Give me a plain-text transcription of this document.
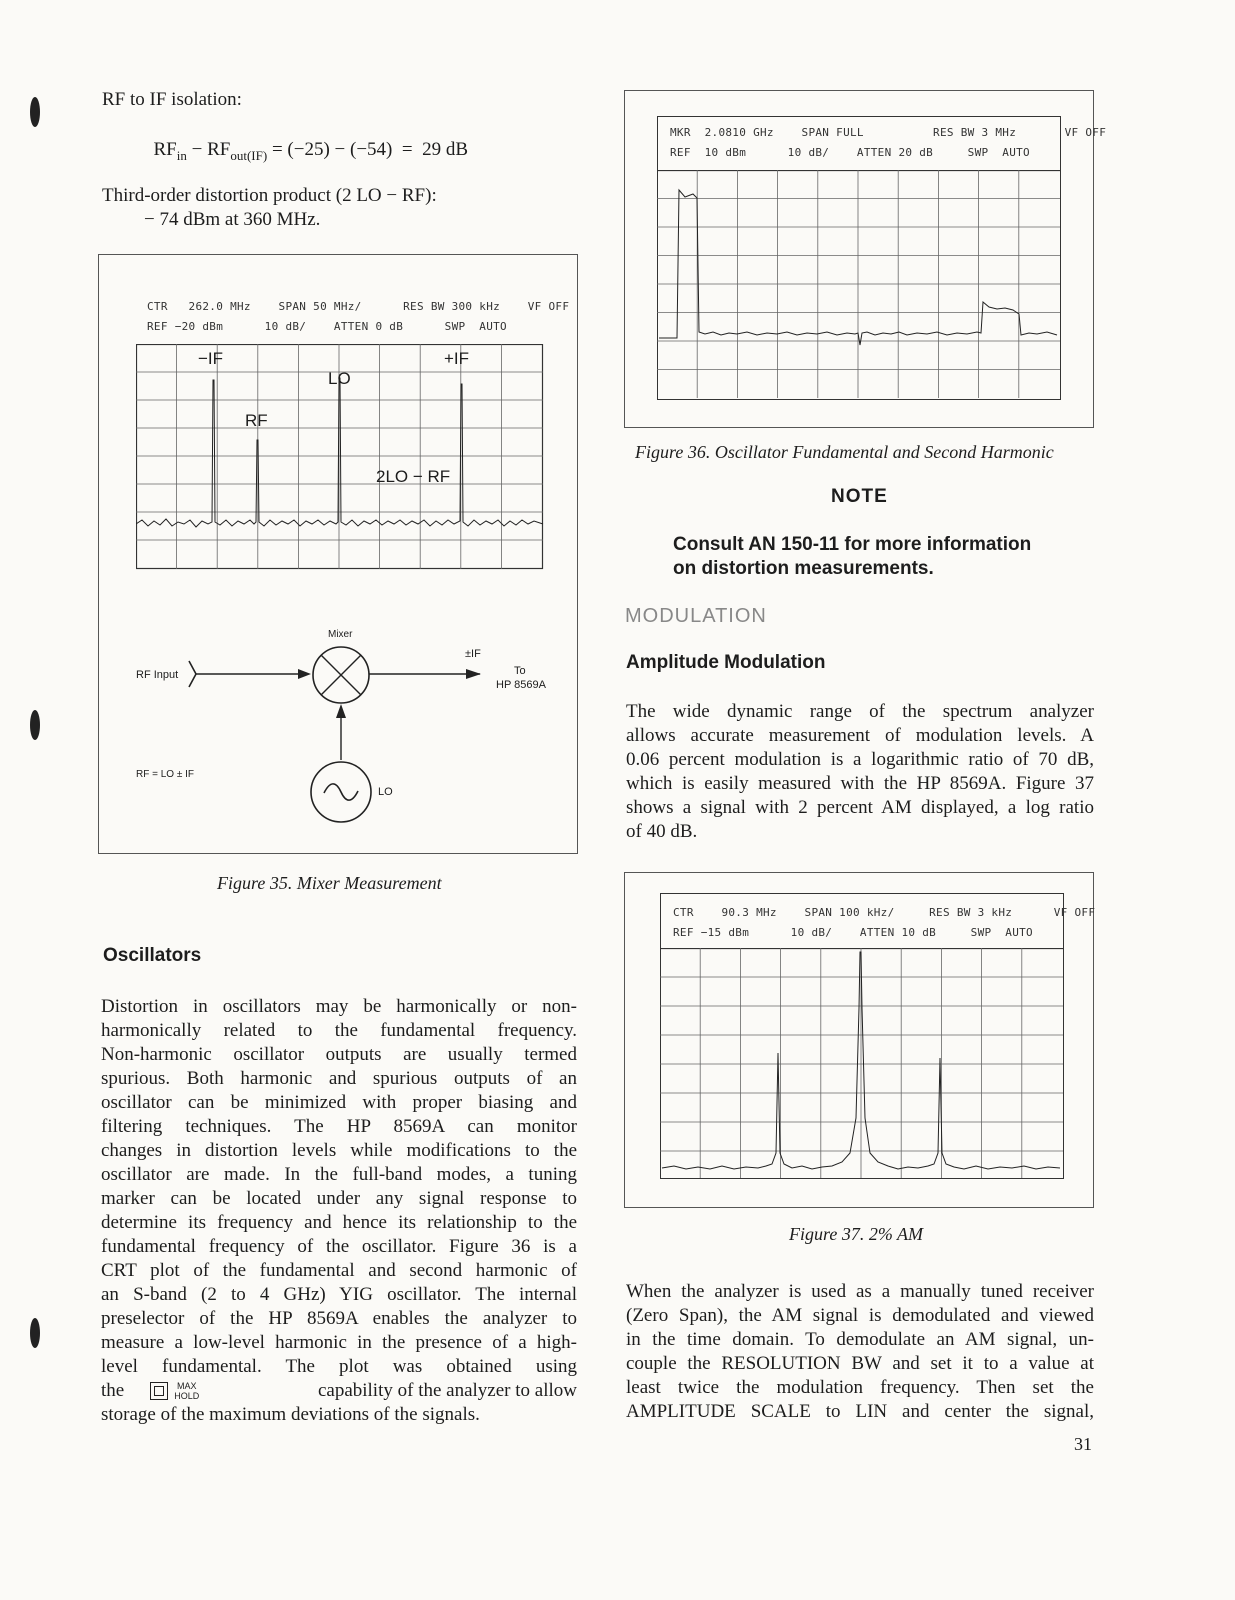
RF to IF isolation:

$RF_{in} - RF_{out(IF)} = (-25) - (-54) = 29$ dB

Third-order distortion product (2 LO − RF):
− 74 dBm at 360 MHz.
CTR   262.0 MHz    SPAN 50 MHz/      RES BW 300 kHz    VF OFF
REF −20 dBm      10 dB/    ATTEN 0 dB      SWP  AUTO
−IF	+IF
LO
RF
2LO − RF
Mixer
RF Input
±IF
To
HP 8569A
RF = LO ± IF
LO
Figure 35. Mixer Measurement
Oscillators

Distortion in oscillators may be harmonically or non-

harmonically related to the fundamental frequency.

Non-harmonic oscillator outputs are usually termed

spurious. Both harmonic and spurious outputs of an

oscillator can be minimized with proper biasing and

filtering techniques. The HP 8569A can monitor

changes in distortion levels while modifications to the

oscillator are made. In the full-band modes, a tuning

marker can be located under any signal response to

determine its frequency and hence its relationship to the

fundamental frequency of the oscillator. Figure 36 is a

CRT plot of the fundamental and second harmonic of

an S-band (2 to 4 GHz) YIG oscillator. The internal

preselector of the HP 8569A enables the analyzer to

measure a low-level harmonic in the presence of a high-

level fundamental. The plot was obtained using

the	MAX
HOLD	capability of the analyzer to allow

storage of the maximum deviations of the signals.

MKR  2.0810 GHz    SPAN FULL          RES BW 3 MHz       VF OFF
REF  10 dBm      10 dB/    ATTEN 20 dB     SWP  AUTO
Figure 36. Oscillator Fundamental and Second Harmonic
NOTE
Consult AN 150-11 for more information
on distortion measurements.
MODULATION
Amplitude Modulation

The wide dynamic range of the spectrum analyzer

allows accurate measurement of modulation levels. A

0.06 percent modulation is a logarithmic ratio of 70 dB,

which is easily measured with the HP 8569A. Figure 37

shows a signal with 2 percent AM displayed, a log ratio

of 40 dB.

CTR    90.3 MHz    SPAN 100 kHz/     RES BW 3 kHz      VF OFF
REF −15 dBm      10 dB/    ATTEN 10 dB     SWP  AUTO
Figure 37. 2% AM

When the analyzer is used as a manually tuned receiver

(Zero Span), the AM signal is demodulated and viewed

in the time domain. To demodulate an AM signal, un-

couple the RESOLUTION BW and set it to a value at

least twice the modulation frequency. Then set the

AMPLITUDE SCALE to LIN and center the signal,

31
